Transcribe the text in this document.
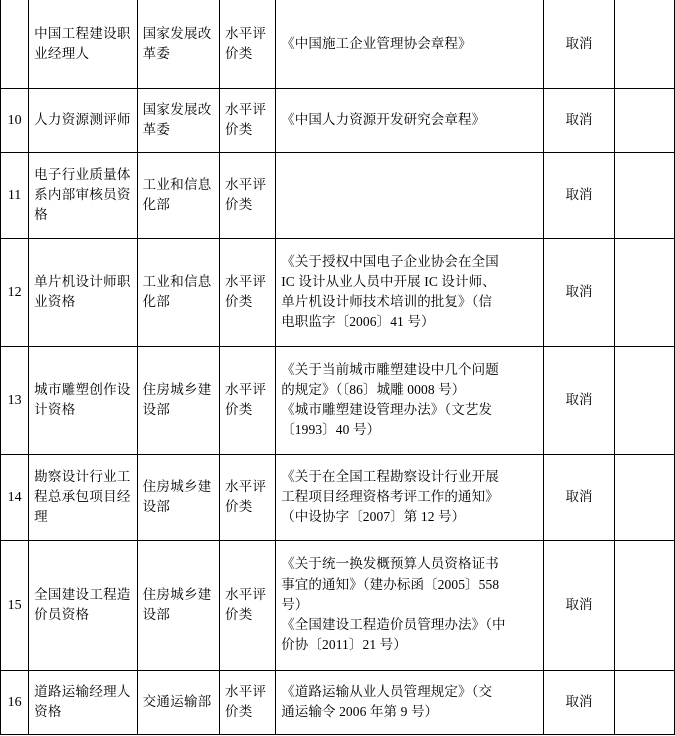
	中国工程建设职业经理人	国家发展改革委	水平评价类	《中国施工企业管理协会章程》	取消	
10	人力资源测评师	国家发展改革委	水平评价类	《中国人力资源开发研究会章程》	取消	
11	电子行业质量体系内部审核员资格	工业和信息化部	水平评价类		取消	
12	单片机设计师职业资格	工业和信息化部	水平评价类	《关于授权中国电子企业协会在全国
IC 设计从业人员中开展 IC 设计师、
单片机设计师技术培训的批复》（信
电职监字〔2006〕41 号）	取消	
13	城市雕塑创作设计资格	住房城乡建设部	水平评价类	《关于当前城市雕塑建设中几个问题
的规定》（〔86〕城雕 0008 号）
《城市雕塑建设管理办法》（文艺发
〔1993〕40 号）	取消	
14	勘察设计行业工程总承包项目经理	住房城乡建设部	水平评价类	《关于在全国工程勘察设计行业开展
工程项目经理资格考评工作的通知》
（中设协字〔2007〕第 12 号）	取消	
15	全国建设工程造价员资格	住房城乡建设部	水平评价类	《关于统一换发概预算人员资格证书
事宜的通知》（建办标函〔2005〕558
号）
《全国建设工程造价员管理办法》（中
价协〔2011〕21 号）	取消	
16	道路运输经理人资格	交通运输部	水平评价类	《道路运输从业人员管理规定》（交
通运输令 2006 年第 9 号）	取消	
